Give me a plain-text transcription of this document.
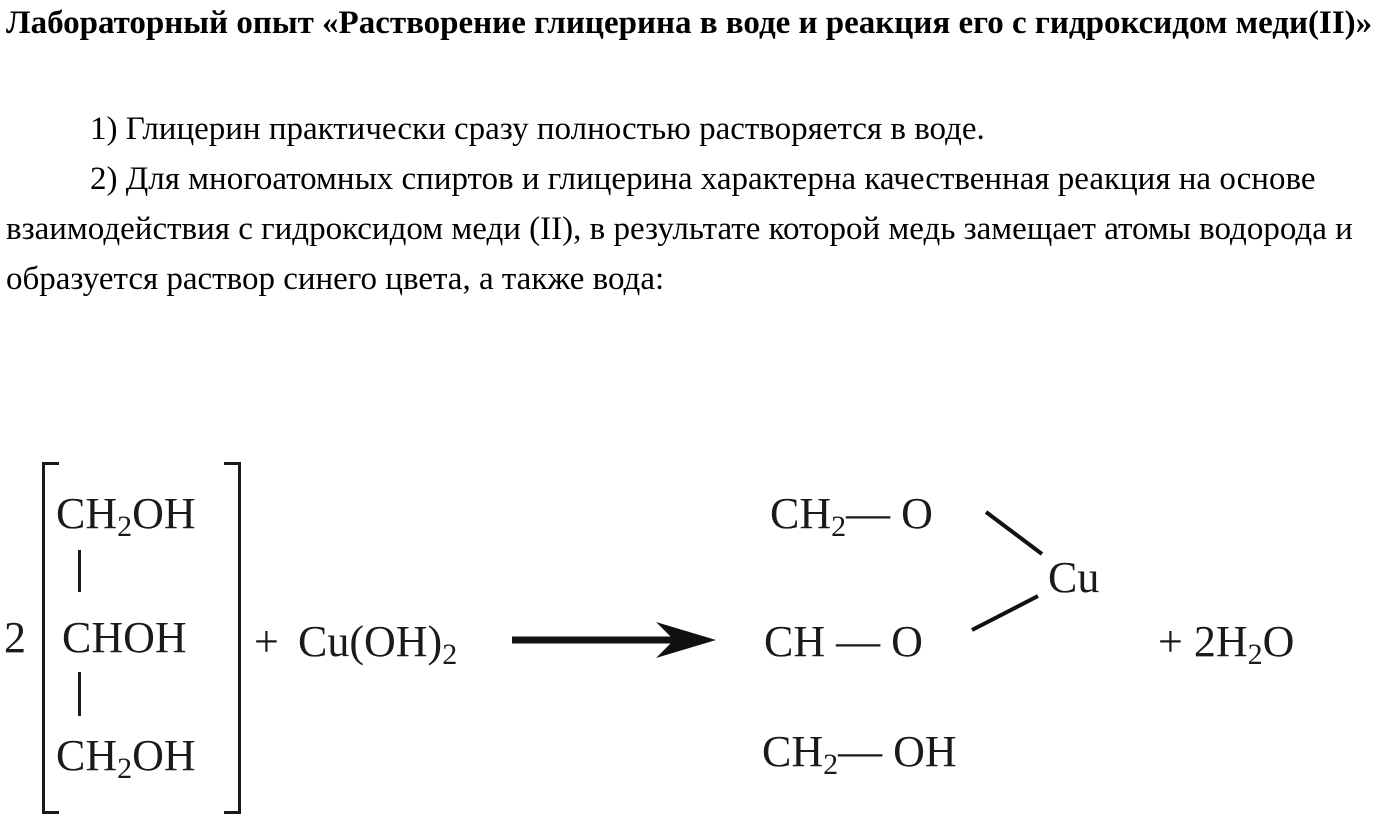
Лабораторный опыт «Растворение глицерина в воде и реакция его с гидроксидом меди(II)»

1) Глицерин практически сразу полностью растворяется в воде.

2) Для многоатомных спиртов и глицерина характерна качественная реакция на основе взаимодействия с гидроксидом меди (II), в результате которой медь замещает атомы водорода и образуется раствор синего цвета, а также вода:

2
$CH_2OH$
CHOH
$CH_2OH$
+ $Cu(OH)_2$
$CH_2—$ O
CH — O
$CH_2—$ OH
Cu
+ $2H_2O$
